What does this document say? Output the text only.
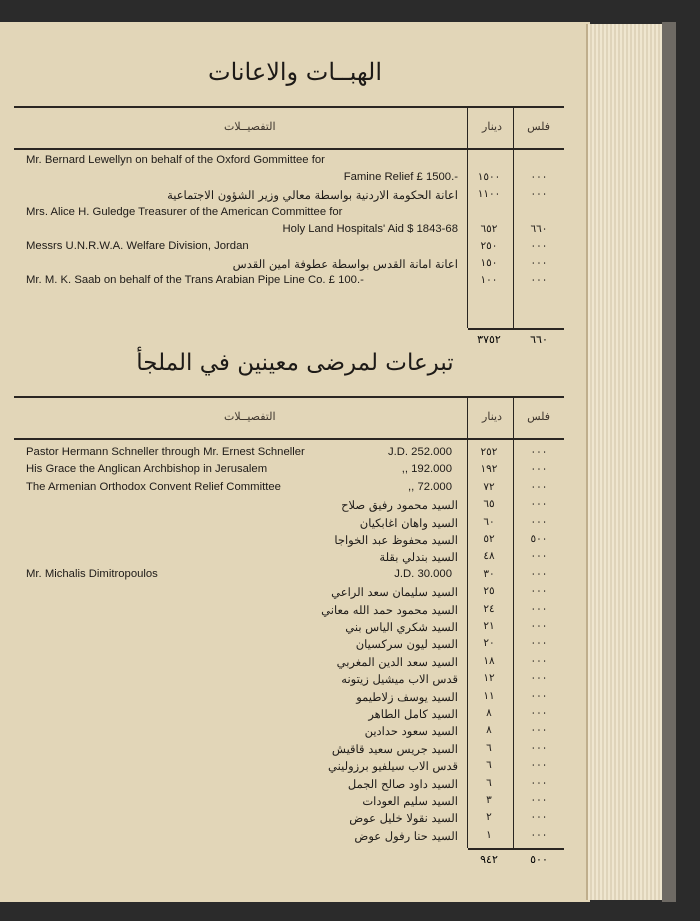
الهبــات والاعانات
التفصيــلات	دينار فلس
Mr. Bernard Lewellyn on behalf of the Oxford Gommittee for
Famine Relief £ 1500.-	١٥٠٠	٠٠٠
اعانة الحكومة الاردنية بواسطة معالي وزير الشؤون الاجتماعية	١١٠٠	٠٠٠
Mrs. Alice H. Guledge Treasurer of the American Committee for
Holy Land Hospitals' Aid $ 1843-68	٦٥٢	٦٦٠
Messrs U.N.R.W.A. Welfare Division, Jordan	٢٥٠	٠٠٠
اعانة امانة القدس بواسطة عطوفة امين القدس	١٥٠	٠٠٠
Mr. M. K. Saab on behalf of the Trans Arabian Pipe Line Co. £ 100.-	١٠٠	٠٠٠
٣٧٥٢	٦٦٠
تبرعات لمرضى معينين في الملجأ
التفصيــلات	دينار فلس
Pastor Hermann Schneller through Mr. Ernest Schneller	J.D. 252.000	٢٥٢	٠٠٠
His Grace the Anglican Archbishop in Jerusalem	,, 192.000	١٩٢	٠٠٠
The Armenian Orthodox Convent Relief Committee	,, 72.000	٧٢	٠٠٠
السيد محمود رفيق صلاح	٦٥	٠٠٠
السيد واهان اغابكيان	٦٠	٠٠٠
السيد محفوظ عبد الخواجا	٥٢	٥٠٠
السيد بندلي بقلة	٤٨	٠٠٠
Mr. Michalis Dimitropoulos	J.D. 30.000	٣٠	٠٠٠
السيد سليمان سعد الراعي	٢٥	٠٠٠
السيد محمود حمد الله معاني	٢٤	٠٠٠
السيد شكري الياس بني	٢١	٠٠٠
السيد ليون سركسيان	٢٠	٠٠٠
السيد سعد الدين المغربي	١٨	٠٠٠
قدس الاب ميشيل زيتونه	١٢	٠٠٠
السيد يوسف زلاطيمو	١١	٠٠٠
السيد كامل الطاهر	٨	٠٠٠
السيد سعود حدادين	٨	٠٠٠
السيد جريس سعيد قاقيش	٦	٠٠٠
قدس الاب سيلفيو برزوليني	٦	٠٠٠
السيد داود صالح الجمل	٦	٠٠٠
السيد سليم العودات	٣	٠٠٠
السيد نقولا خليل عوض	٢	٠٠٠
السيد حنا رفول عوض	١	٠٠٠
٩٤٢	٥٠٠
